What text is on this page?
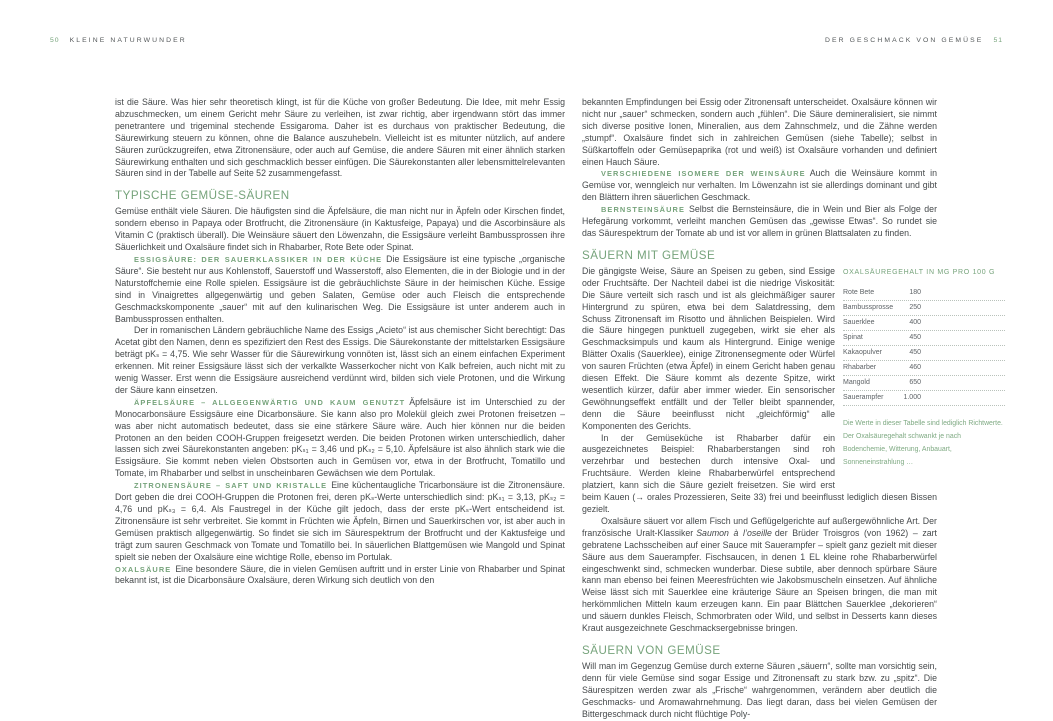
50 KLEINE NATURWUNDER	DER GESCHMACK VON GEMÜSE 51

ist die Säure. Was hier sehr theoretisch klingt, ist für die Küche von großer Bedeutung. Die Idee, mit mehr Essig abzuschmecken, um einem Gericht mehr Säure zu verleihen, ist zwar richtig, aber irgendwann stört das immer penetrantere und trigeminal stechende Essigaroma. Daher ist es durchaus von praktischer Bedeutung, die Säurewirkung steuern zu können, ohne die Balance auszuhebeln. Vielleicht ist es mitunter nützlich, auf andere Säuren zurückzugreifen, etwa Zitronensäure, oder auch auf Gemüse, die andere Säuren mit einer ähnlich starken Säurewirkung enthalten und sich geschmacklich besser einfügen. Die Säurekonstanten aller lebensmittelrelevanten Säuren sind in der Tabelle auf Seite 52 zusammengefasst.

TYPISCHE GEMÜSE-SÄUREN

Gemüse enthält viele Säuren. Die häufigsten sind die Äpfelsäure, die man nicht nur in Äpfeln oder Kirschen findet, sondern ebenso in Papaya oder Brotfrucht, die Zitronensäure (in Kaktusfeige, Papaya) und die Ascorbinsäure als Vitamin C (praktisch überall). Die Weinsäure säuert den Löwenzahn, die Essigsäure verleiht Bambussprossen ihre Säuerlichkeit und Oxalsäure findet sich in Rhabarber, Rote Bete oder Spinat.

ESSIGSÄURE: DER SAUERKLASSIKER IN DER KÜCHE Die Essigsäure ist eine typische „organische Säure“. Sie besteht nur aus Kohlenstoff, Sauerstoff und Wasserstoff, also Elementen, die in der Biologie und in der Naturstoffchemie eine Rolle spielen. Essigsäure ist die gebräuchlichste Säure in der heimischen Küche. Essige sind in Vinaigrettes allgegenwärtig und geben Salaten, Gemüse oder auch Fleisch die entsprechende Geschmackskomponente „sauer“ mit auf den kulinarischen Weg. Die Essigsäure ist unter anderem auch in Bambussprossen enthalten.

Der in romanischen Ländern gebräuchliche Name des Essigs „Acieto“ ist aus chemischer Sicht berechtigt: Das Acetat gibt den Namen, denn es spezifiziert den Rest des Essigs. Die Säurekonstante der mittelstarken Essigsäure beträgt pKₛ = 4,75. Wie sehr Wasser für die Säurewirkung vonnöten ist, lässt sich an einem einfachen Experiment erkennen. Mit reiner Essigsäure lässt sich der verkalkte Wasserkocher nicht von Kalk befreien, auch nicht mit zu wenig Wasser. Erst wenn die Essigsäure ausreichend verdünnt wird, bilden sich viele Protonen, und die Wirkung der Säure kann einsetzen.

ÄPFELSÄURE – ALLGEGENWÄRTIG UND KAUM GENUTZT Äpfelsäure ist im Unterschied zu der Monocarbonsäure Essigsäure eine Dicarbonsäure. Sie kann also pro Molekül gleich zwei Protonen freisetzen – was aber nicht automatisch bedeutet, dass sie eine stärkere Säure wäre. Auch hier können nur die beiden Protonen an den beiden COOH-Gruppen freigesetzt werden. Die beiden Protonen wirken unterschiedlich, daher lassen sich zwei Säurekonstanten angeben: pKₛ₁ = 3,46 und pKₛ₂ = 5,10. Äpfelsäure ist also ähnlich stark wie die Essigsäure. Sie kommt neben vielen Obstsorten auch in Gemüsen vor, etwa in der Brotfrucht, Tomatillo und Tomate, im Rhabarber und selbst in unscheinbaren Gewächsen wie dem Portulak.

ZITRONENSÄURE – SAFT UND KRISTALLE Eine küchentaugliche Tricarbonsäure ist die Zitronensäure. Dort geben die drei COOH-Gruppen die Protonen frei, deren pKₛ-Werte unterschiedlich sind: pKₛ₁ = 3,13, pKₛ₂ = 4,76 und pKₛ₃ = 6,4. Als Faustregel in der Küche gilt jedoch, dass der erste pKₛ-Wert entscheidend ist. Zitronensäure ist sehr verbreitet. Sie kommt in Früchten wie Äpfeln, Birnen und Sauerkirschen vor, ist aber auch in Gemüsen praktisch allgegenwärtig. So findet sie sich im Säurespektrum der Brotfrucht und der Kaktusfeige und trägt zum sauren Geschmack von Tomate und Tomatillo bei. In säuerlichen Blattgemüsen wie Mangold und Spinat spielt sie neben der Oxalsäure eine wichtige Rolle, ebenso im Portulak.

OXALSÄURE Eine besondere Säure, die in vielen Gemüsen auftritt und in erster Linie von Rhabarber und Spinat bekannt ist, ist die Dicarbonsäure Oxalsäure, deren Wirkung sich deutlich von den

bekannten Empfindungen bei Essig oder Zitronensaft unterscheidet. Oxalsäure können wir nicht nur „sauer“ schmecken, sondern auch „fühlen“. Die Säure demineralisiert, sie nimmt sich diverse positive Ionen, Mineralien, aus dem Zahnschmelz, und die Zähne werden „stumpf“. Oxalsäure findet sich in zahlreichen Gemüsen (siehe Tabelle); selbst in Süßkartoffeln oder Gemüsepaprika (rot und weiß) ist Oxalsäure vorhanden und definiert einen Hauch Säure.

VERSCHIEDENE ISOMERE DER WEINSÄURE Auch die Weinsäure kommt in Gemüse vor, wenngleich nur verhalten. Im Löwenzahn ist sie allerdings dominant und gibt den Blättern ihren säuerlichen Geschmack.

BERNSTEINSÄURE Selbst die Bernsteinsäure, die in Wein und Bier als Folge der Hefegärung vorkommt, verleiht manchen Gemüsen das „gewisse Etwas“. So rundet sie das Säurespektrum der Tomate ab und ist vor allem in grünen Blattsalaten zu finden.

SÄUERN MIT GEMÜSE
OXALSÄUREGEHALT IN MG PRO 100 G
Rote Bete	180
Bambussprosse	250
Sauerklee	400
Spinat	450
Kakaopulver	450
Rhabarber	460
Mangold	650
Sauerampfer	1.000

Die Werte in dieser Tabelle sind lediglich Richtwerte. Der Oxalsäuregehalt schwankt je nach Bodenchemie, Witterung, Anbauart, Sonneneinstrahlung …

Die gängigste Weise, Säure an Speisen zu geben, sind Essige oder Fruchtsäfte. Der Nachteil dabei ist die niedrige Viskosität: Die Säure verteilt sich rasch und ist als gleichmäßiger saurer Hintergrund zu spüren, etwa bei dem Salatdressing, dem Schuss Zitronensaft im Risotto und ähnlichen Beispielen. Wird die Säure hingegen punktuell zugegeben, wirkt sie eher als Geschmacksimpuls und kaum als Hintergrund. Einige wenige Blätter Oxalis (Sauerklee), einige Zitronensegmente oder Würfel von sauren Früchten (etwa Äpfel) in einem Gericht haben genau diesen Effekt. Die Säure kommt als dezente Spitze, wirkt wesentlich kürzer, dafür aber immer wieder. Ein sensorischer Gewöhnungseffekt entfällt und der Teller bleibt spannender, denn die Säure beeinflusst nicht „gleichförmig“ alle Komponenten des Gerichts.

In der Gemüseküche ist Rhabarber dafür ein ausgezeichnetes Beispiel: Rhabarberstangen sind roh verzehrbar und bestechen durch intensive Oxal- und Fruchtsäure. Werden kleine Rhabarberwürfel entsprechend platziert, kann sich die Säure gezielt freisetzen. Sie wird erst beim Kauen (→ orales Prozessieren, Seite 33) frei und beeinflusst lediglich diesen Bissen gezielt.

Oxalsäure säuert vor allem Fisch und Geflügelgerichte auf außergewöhnliche Art. Der französische Uralt-Klassiker Saumon à l’oseille der Brüder Troisgros (von 1962) – zart gebratene Lachsscheiben auf einer Sauce mit Sauerampfer – spielt ganz gezielt mit dieser Säure aus dem Sauerampfer. Fischsaucen, in denen 1 EL kleine rohe Rhabarberwürfel eingeschwenkt sind, schmecken wunderbar. Diese subtile, aber dennoch spürbare Säure kann man ebenso bei feinen Meeresfrüchten wie Jakobsmuscheln einsetzen. Auf ähnliche Weise lässt sich mit Sauerklee eine kräuterige Säure an Speisen bringen, die man mit herkömmlichen Mitteln kaum erzeugen kann. Ein paar Blättchen Sauerklee „dekorieren“ und säuern dunkles Fleisch, Schmorbraten oder Wild, und selbst in Desserts kann dieses Kraut ausgezeichnete Geschmacksergebnisse bringen.

SÄUERN VON GEMÜSE

Will man im Gegenzug Gemüse durch externe Säuren „säuern“, sollte man vorsichtig sein, denn für viele Gemüse sind sogar Essige und Zitronensaft zu stark bzw. zu „spitz“. Die Säurespitzen werden zwar als „Frische“ wahrgenommen, verändern aber deutlich die Geschmacks- und Aromawahrnehmung. Das liegt daran, dass bei vielen Gemüsen der Bittergeschmack durch nicht flüchtige Poly-
